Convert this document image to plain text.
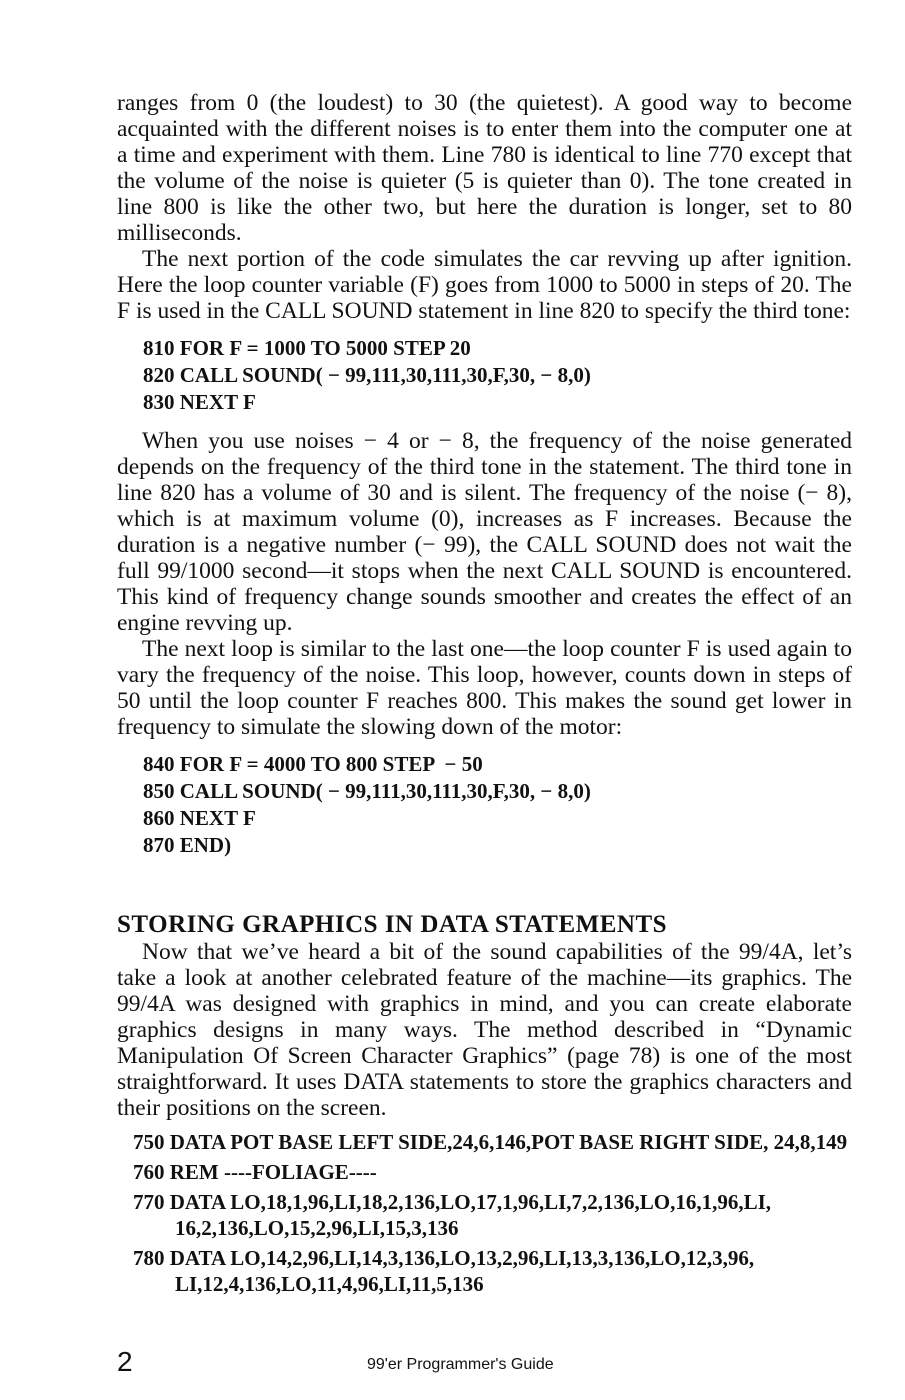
ranges from 0 (the loudest) to 30 (the quietest). A good way to become acquainted with the different noises is to enter them into the computer one at a time and experiment with them. Line 780 is identical to line 770 except that the volume of the noise is quieter (5 is quieter than 0). The tone created in line 800 is like the other two, but here the duration is longer, set to 80 milliseconds.

The next portion of the code simulates the car revving up after ignition. Here the loop counter variable (F) goes from 1000 to 5000 in steps of 20. The F is used in the CALL SOUND statement in line 820 to specify the third tone:

810 FOR F = 1000 TO 5000 STEP 20
820 CALL SOUND( − 99,111,30,111,30,F,30, − 8,0)
830 NEXT F

When you use noises − 4 or − 8, the frequency of the noise generated depends on the frequency of the third tone in the statement. The third tone in line 820 has a volume of 30 and is silent. The frequency of the noise (− 8), which is at maximum volume (0), increases as F increases. Because the duration is a negative number (− 99), the CALL SOUND does not wait the full 99/1000 second—it stops when the next CALL SOUND is encountered. This kind of frequency change sounds smoother and creates the effect of an engine revving up.

The next loop is similar to the last one—the loop counter F is used again to vary the frequency of the noise. This loop, however, counts down in steps of 50 until the loop counter F reaches 800. This makes the sound get lower in frequency to simulate the slowing down of the motor:

840 FOR F = 4000 TO 800 STEP  − 50
850 CALL SOUND( − 99,111,30,111,30,F,30, − 8,0)
860 NEXT F
870 END)
STORING GRAPHICS IN DATA STATEMENTS

Now that we’ve heard a bit of the sound capabilities of the 99/4A, let’s take a look at another celebrated feature of the machine—its graphics. The 99/4A was designed with graphics in mind, and you can create elaborate graphics designs in many ways. The method described in “Dynamic Manipulation Of Screen Character Graphics” (page 78) is one of the most straightforward. It uses DATA statements to store the graphics characters and their positions on the screen.

750 DATA POT BASE LEFT SIDE,24,6,146,POT BASE RIGHT SIDE, 24,8,149
760 REM ----FOLIAGE----
770 DATA LO,18,1,96,LI,18,2,136,LO,17,1,96,LI,7,2,136,LO,16,1,96,LI, 16,2,136,LO,15,2,96,LI,15,3,136
780 DATA LO,14,2,96,LI,14,3,136,LO,13,2,96,LI,13,3,136,LO,12,3,96, LI,12,4,136,LO,11,4,96,LI,11,5,136
2	99'er Programmer's Guide
